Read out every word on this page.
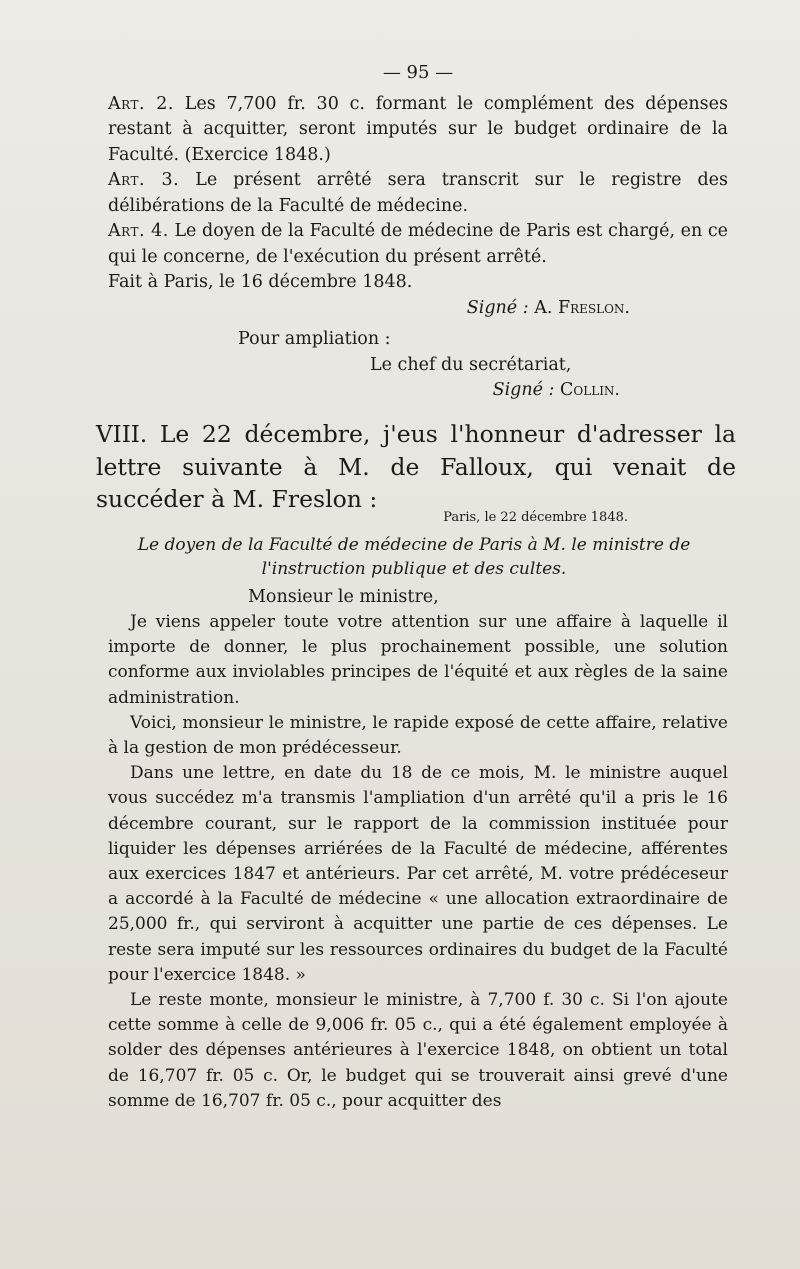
— 95 —

Art. 2. Les 7,700 fr. 30 c. formant le complément des dépenses restant à acquitter, seront imputés sur le budget ordinaire de la Faculté. (Exercice 1848.)

Art. 3. Le présent arrêté sera transcrit sur le registre des délibérations de la Faculté de médecine.

Art. 4. Le doyen de la Faculté de médecine de Paris est chargé, en ce qui le concerne, de l'exécution du présent arrêté.

Fait à Paris, le 16 décembre 1848.

Signé : A. Freslon.

Pour ampliation :

Le chef du secrétariat,

Signé : Collin.

VIII. Le 22 décembre, j'eus l'honneur d'adresser la lettre suivante à M. de Falloux, qui venait de succéder à M. Freslon :

Paris, le 22 décembre 1848.

Le doyen de la Faculté de médecine de Paris à M. le ministre de l'instruction publique et des cultes.

Monsieur le ministre,

Je viens appeler toute votre attention sur une affaire à laquelle il importe de donner, le plus prochainement possible, une solution conforme aux inviolables principes de l'équité et aux règles de la saine administration.

Voici, monsieur le ministre, le rapide exposé de cette affaire, relative à la gestion de mon prédécesseur.

Dans une lettre, en date du 18 de ce mois, M. le ministre auquel vous succédez m'a transmis l'ampliation d'un arrêté qu'il a pris le 16 décembre courant, sur le rapport de la commission instituée pour liquider les dépenses arriérées de la Faculté de médecine, afférentes aux exercices 1847 et antérieurs. Par cet arrêté, M. votre prédéceseur a accordé à la Faculté de médecine « une allocation extraordinaire de 25,000 fr., qui serviront à acquitter une partie de ces dépenses. Le reste sera imputé sur les ressources ordinaires du budget de la Faculté pour l'exercice 1848. »

Le reste monte, monsieur le ministre, à 7,700 f. 30 c. Si l'on ajoute cette somme à celle de 9,006 fr. 05 c., qui a été également employée à solder des dépenses antérieures à l'exercice 1848, on obtient un total de 16,707 fr. 05 c. Or, le budget qui se trouverait ainsi grevé d'une somme de 16,707 fr. 05 c., pour acquitter des
